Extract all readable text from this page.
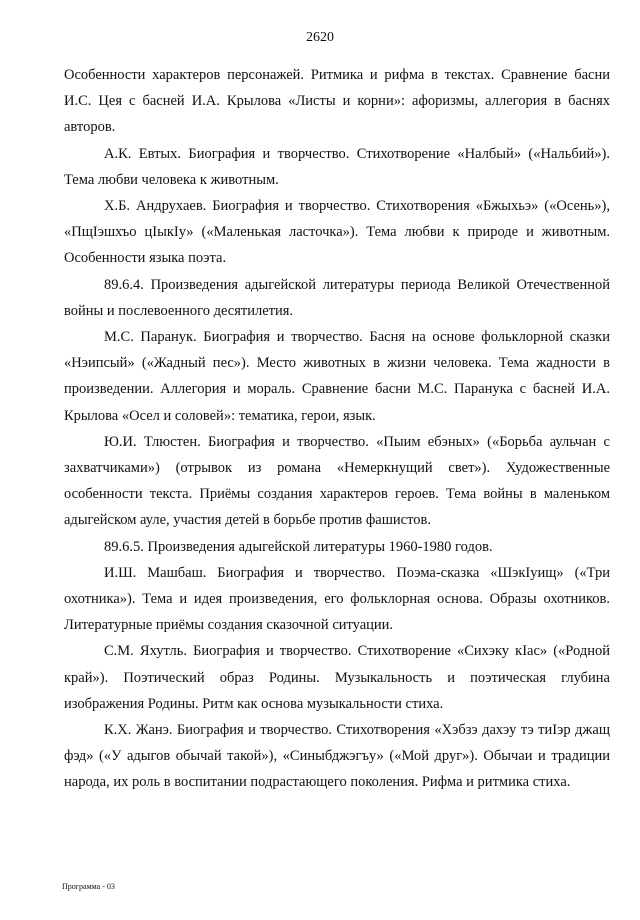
2620

Особенности характеров персонажей. Ритмика и рифма в текстах. Сравнение басни И.С. Цея с басней И.А. Крылова «Листы и корни»: афоризмы, аллегория в баснях авторов.

А.К. Евтых. Биография и творчество. Стихотворение «Налбый» («Нальбий»). Тема любви человека к животным.

Х.Б. Андрухаев. Биография и творчество. Стихотворения «Бжыхьэ» («Осень»), «ПщIэшхъо цIыкIу» («Маленькая ласточка»). Тема любви к природе и животным. Особенности языка поэта.

89.6.4. Произведения адыгейской литературы периода Великой Отечественной войны и послевоенного десятилетия.

М.С. Паранук. Биография и творчество. Басня на основе фольклорной сказки «Нэипсый» («Жадный пес»). Место животных в жизни человека. Тема жадности в произведении. Аллегория и мораль. Сравнение басни М.С. Паранука с басней И.А. Крылова «Осел и соловей»: тематика, герои, язык.

Ю.И. Тлюстен. Биография и творчество. «Пыим ебэных» («Борьба аульчан с захватчиками») (отрывок из романа «Немеркнущий свет»). Художественные особенности текста. Приёмы создания характеров героев. Тема войны в маленьком адыгейском ауле, участия детей в борьбе против фашистов.

89.6.5. Произведения адыгейской литературы 1960-1980 годов.

И.Ш. Машбаш. Биография и творчество. Поэма-сказка «ШэкIуищ» («Три охотника»). Тема и идея произведения, его фольклорная основа. Образы охотников. Литературные приёмы создания сказочной ситуации.

С.М. Яхутль. Биография и творчество. Стихотворение «Сихэку кIас» («Родной край»). Поэтический образ Родины. Музыкальность и поэтическая глубина изображения Родины. Ритм как основа музыкальности стиха.

К.Х. Жанэ. Биография и творчество. Стихотворения «Хэбзэ дахэу тэ тиIэр джащ фэд» («У адыгов обычай такой»), «Синыбджэгъу» («Мой друг»). Обычаи и традиции народа, их роль в воспитании подрастающего поколения. Рифма и ритмика стиха.

Программа - 03
